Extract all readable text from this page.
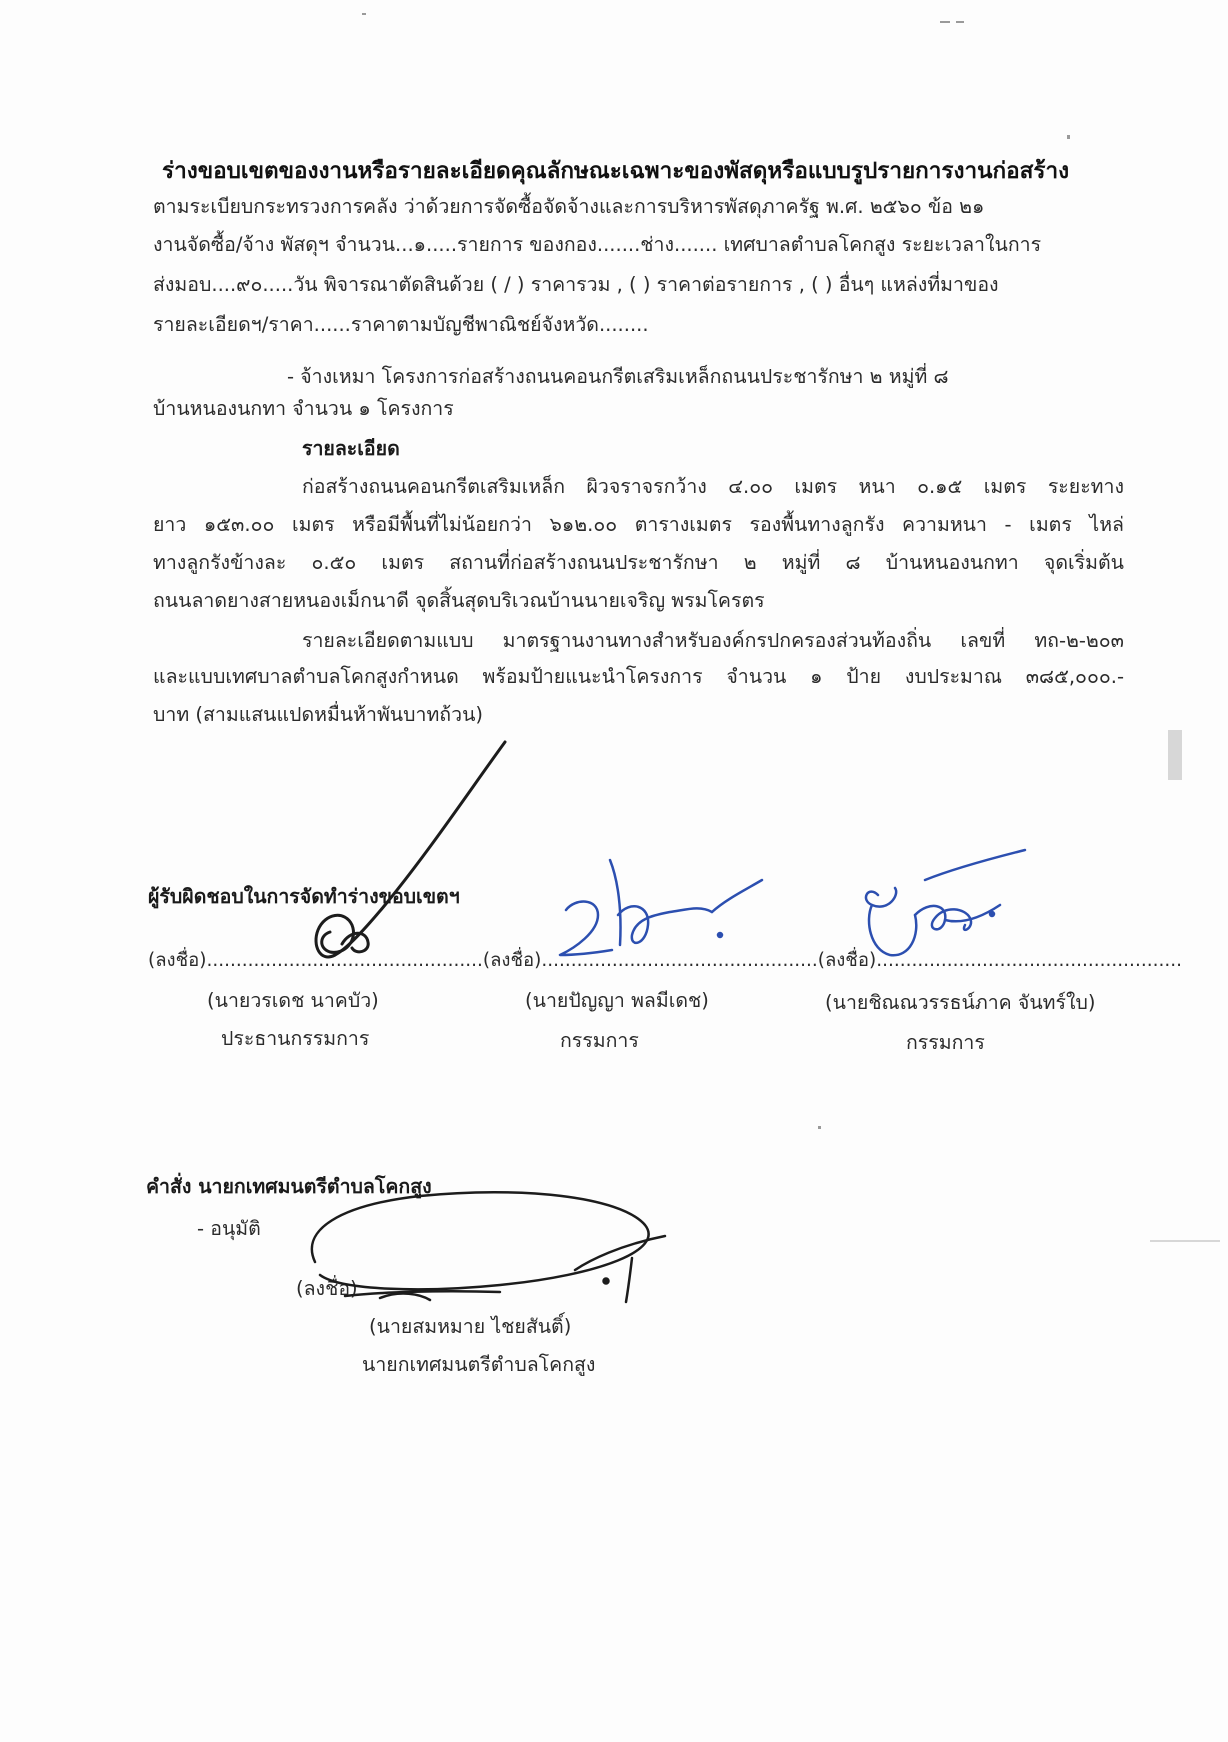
ร่างขอบเขตของงานหรือรายละเอียดคุณลักษณะเฉพาะของพัสดุหรือแบบรูปรายการงานก่อสร้าง
ตามระเบียบกระทรวงการคลัง ว่าด้วยการจัดซื้อจัดจ้างและการบริหารพัสดุภาครัฐ พ.ศ. ๒๕๖๐ ข้อ ๒๑
งานจัดซื้อ/จ้าง พัสดุฯ จำนวน...๑.....รายการ ของกอง.......ช่าง....... เทศบาลตำบลโคกสูง ระยะเวลาในการ
ส่งมอบ....๙๐.....วัน พิจารณาตัดสินด้วย ( / ) ราคารวม , ( ) ราคาต่อรายการ , ( ) อื่นๆ แหล่งที่มาของ
รายละเอียดฯ/ราคา......ราคาตามบัญชีพาณิชย์จังหวัด........
- จ้างเหมา โครงการก่อสร้างถนนคอนกรีตเสริมเหล็กถนนประชารักษา ๒ หมู่ที่ ๘
บ้านหนองนกทา จำนวน ๑ โครงการ
รายละเอียด
ก่อสร้างถนนคอนกรีตเสริมเหล็ก ผิวจราจรกว้าง ๔.๐๐ เมตร หนา ๐.๑๕ เมตร ระยะทาง
ยาว ๑๕๓.๐๐ เมตร หรือมีพื้นที่ไม่น้อยกว่า ๖๑๒.๐๐ ตารางเมตร รองพื้นทางลูกรัง ความหนา - เมตร ไหล่
ทางลูกรังข้างละ ๐.๕๐ เมตร สถานที่ก่อสร้างถนนประชารักษา ๒ หมู่ที่ ๘ บ้านหนองนกทา จุดเริ่มต้น
ถนนลาดยางสายหนองเม็กนาดี จุดสิ้นสุดบริเวณบ้านนายเจริญ พรมโครตร
รายละเอียดตามแบบ มาตรฐานงานทางสำหรับองค์กรปกครองส่วนท้องถิ่น เลขที่ ทถ-๒-๒๐๓
และแบบเทศบาลตำบลโคกสูงกำหนด พร้อมป้ายแนะนำโครงการ จำนวน ๑ ป้าย งบประมาณ ๓๘๕,๐๐๐.-
บาท (สามแสนแปดหมื่นห้าพันบาทถ้วน)
ผู้รับผิดชอบในการจัดทำร่างขอบเขตฯ
(ลงชื่อ)...............................................(ลงชื่อ)...............................................(ลงชื่อ)....................................................
(นายวรเดช นาคบัว)
ประธานกรรมการ
(นายปัญญา พลมีเดช)
กรรมการ
(นายชิณณวรรธน์ภาค จันทร์ใบ)
กรรมการ
คำสั่ง นายกเทศมนตรีตำบลโคกสูง
- อนุมัติ
(ลงชื่อ)
(นายสมหมาย ไชยสันติ์)
นายกเทศมนตรีตำบลโคกสูง
